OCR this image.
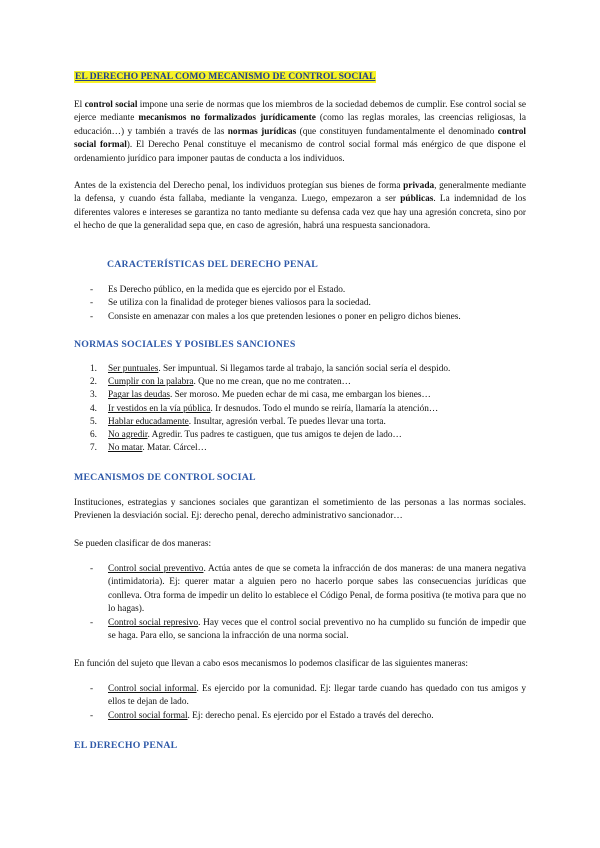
EL DERECHO PENAL COMO MECANISMO DE CONTROL SOCIAL

El control social impone una serie de normas que los miembros de la sociedad debemos de cumplir. Ese control social se ejerce mediante mecanismos no formalizados jurídicamente (como las reglas morales, las creencias religiosas, la educación…) y también a través de las normas jurídicas (que constituyen fundamentalmente el denominado control social formal). El Derecho Penal constituye el mecanismo de control social formal más enérgico de que dispone el ordenamiento jurídico para imponer pautas de conducta a los individuos.

Antes de la existencia del Derecho penal, los individuos protegían sus bienes de forma privada, generalmente mediante la defensa, y cuando ésta fallaba, mediante la venganza. Luego, empezaron a ser públicas. La indemnidad de los diferentes valores e intereses se garantiza no tanto mediante su defensa cada vez que hay una agresión concreta, sino por el hecho de que la generalidad sepa que, en caso de agresión, habrá una respuesta sancionadora.

CARACTERÍSTICAS DEL DERECHO PENAL
- Es Derecho público, en la medida que es ejercido por el Estado.
- Se utiliza con la finalidad de proteger bienes valiosos para la sociedad.
- Consiste en amenazar con males a los que pretenden lesiones o poner en peligro dichos bienes.
NORMAS SOCIALES Y POSIBLES SANCIONES
1. Ser puntuales. Ser impuntual. Si llegamos tarde al trabajo, la sanción social sería el despido.
2. Cumplir con la palabra. Que no me crean, que no me contraten…
3. Pagar las deudas. Ser moroso. Me pueden echar de mi casa, me embargan los bienes…
4. Ir vestidos en la vía pública. Ir desnudos. Todo el mundo se reiría, llamaría la atención…
5. Hablar educadamente. Insultar, agresión verbal. Te puedes llevar una torta.
6. No agredir. Agredir. Tus padres te castiguen, que tus amigos te dejen de lado…
7. No matar. Matar. Cárcel…
MECANISMOS DE CONTROL SOCIAL

Instituciones, estrategias y sanciones sociales que garantizan el sometimiento de las personas a las normas sociales. Previenen la desviación social. Ej: derecho penal, derecho administrativo sancionador…

Se pueden clasificar de dos maneras:

- Control social preventivo. Actúa antes de que se cometa la infracción de dos maneras: de una manera negativa (intimidatoria). Ej: querer matar a alguien pero no hacerlo porque sabes las consecuencias jurídicas que conlleva. Otra forma de impedir un delito lo establece el Código Penal, de forma positiva (te motiva para que no lo hagas).
- Control social represivo. Hay veces que el control social preventivo no ha cumplido su función de impedir que se haga. Para ello, se sanciona la infracción de una norma social.

En función del sujeto que llevan a cabo esos mecanismos lo podemos clasificar de las siguientes maneras:

- Control social informal. Es ejercido por la comunidad. Ej: llegar tarde cuando has quedado con tus amigos y ellos te dejan de lado.
- Control social formal. Ej: derecho penal. Es ejercido por el Estado a través del derecho.
EL DERECHO PENAL
